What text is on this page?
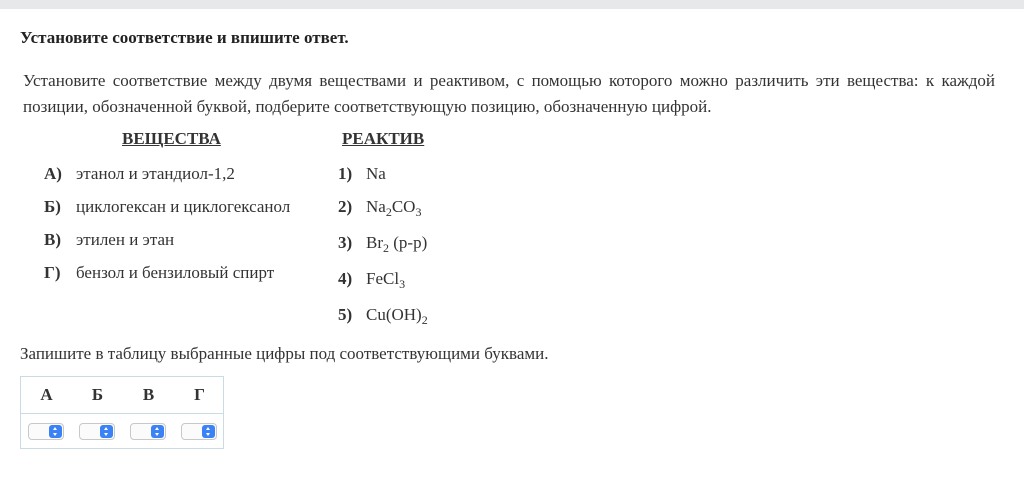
Установите соответствие и впишите ответ.
Установите соответствие между двумя веществами и реактивом, с помощью которого можно различить эти вещества: к каждой позиции, обозначенной буквой, подберите соответствующую позицию, обозначенную цифрой.
ВЕЩЕСТВА	РЕАКТИВ
А) этанол и этандиол-1,2
Б) циклогексан и циклогексанол
В) этилен и этан
Г) бензол и бензиловый спирт
1) Na
2) $Na_2CO_3$
3) $Br_2$ (р-р)
4) FeCl$_3$
5) $Cu(OH)_2$
Запишите в таблицу выбранные цифры под соответствующими буквами.
А	Б	В	Г
